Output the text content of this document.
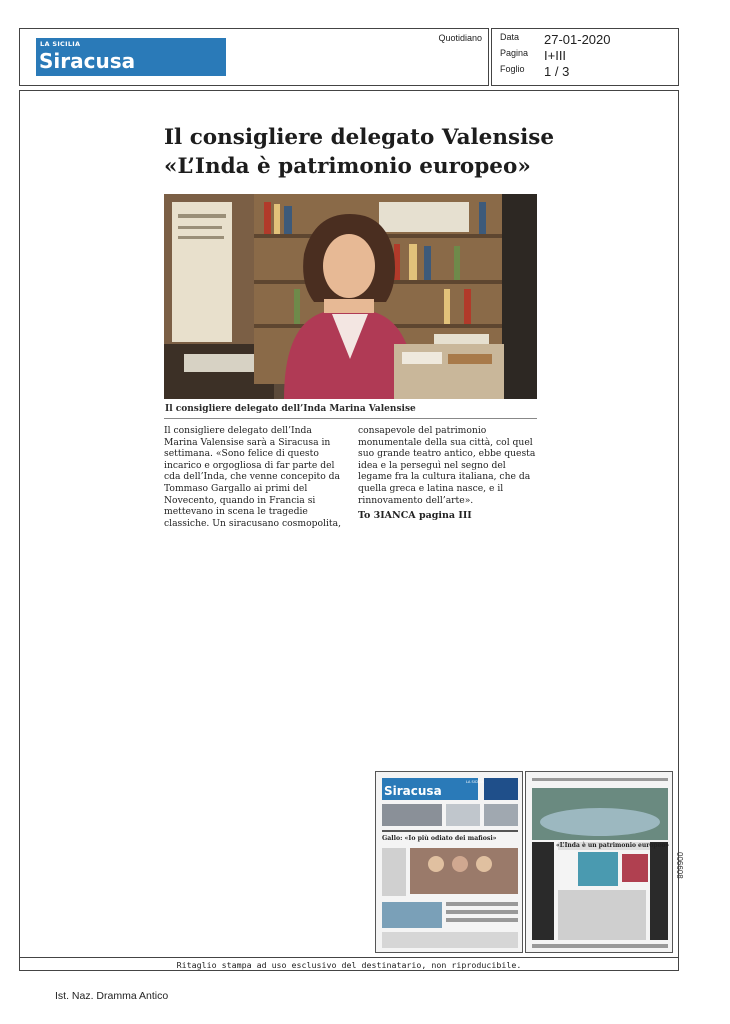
LA SICILIA
Siracusa
Quotidiano Data	27-01-2020
Pagina	I+III
Foglio	1 / 3
Il consigliere delegato Valensise
«L’Inda è patrimonio europeo»
Il consigliere delegato dell’Inda Marina Valensise
Il consigliere delegato dell’Inda
Marina Valensise sarà a Siracusa in
settimana. «Sono felice di questo
incarico e orgogliosa di far parte del
cda dell’Inda, che venne concepito da
Tommaso Gargallo ai primi del
Novecento, quando in Francia si
mettevano in scena le tragedie
classiche. Un siracusano cosmopolita,
consapevole del patrimonio
monumentale della sua città, col quel
suo grande teatro antico, ebbe questa
idea e la perseguì nel segno del
legame fra la cultura italiana, che da
quella greca e latina nasce, e il
rinnovamento dell’arte».
To 3IANCA pagina III
LA SICILIA
Siracusa
Gallo: «Io più odiato dei mafiosi»
«L’Inda è un patrimonio europeo»
006608
Ritaglio stampa ad uso esclusivo del destinatario, non riproducibile.
Ist. Naz. Dramma Antico
